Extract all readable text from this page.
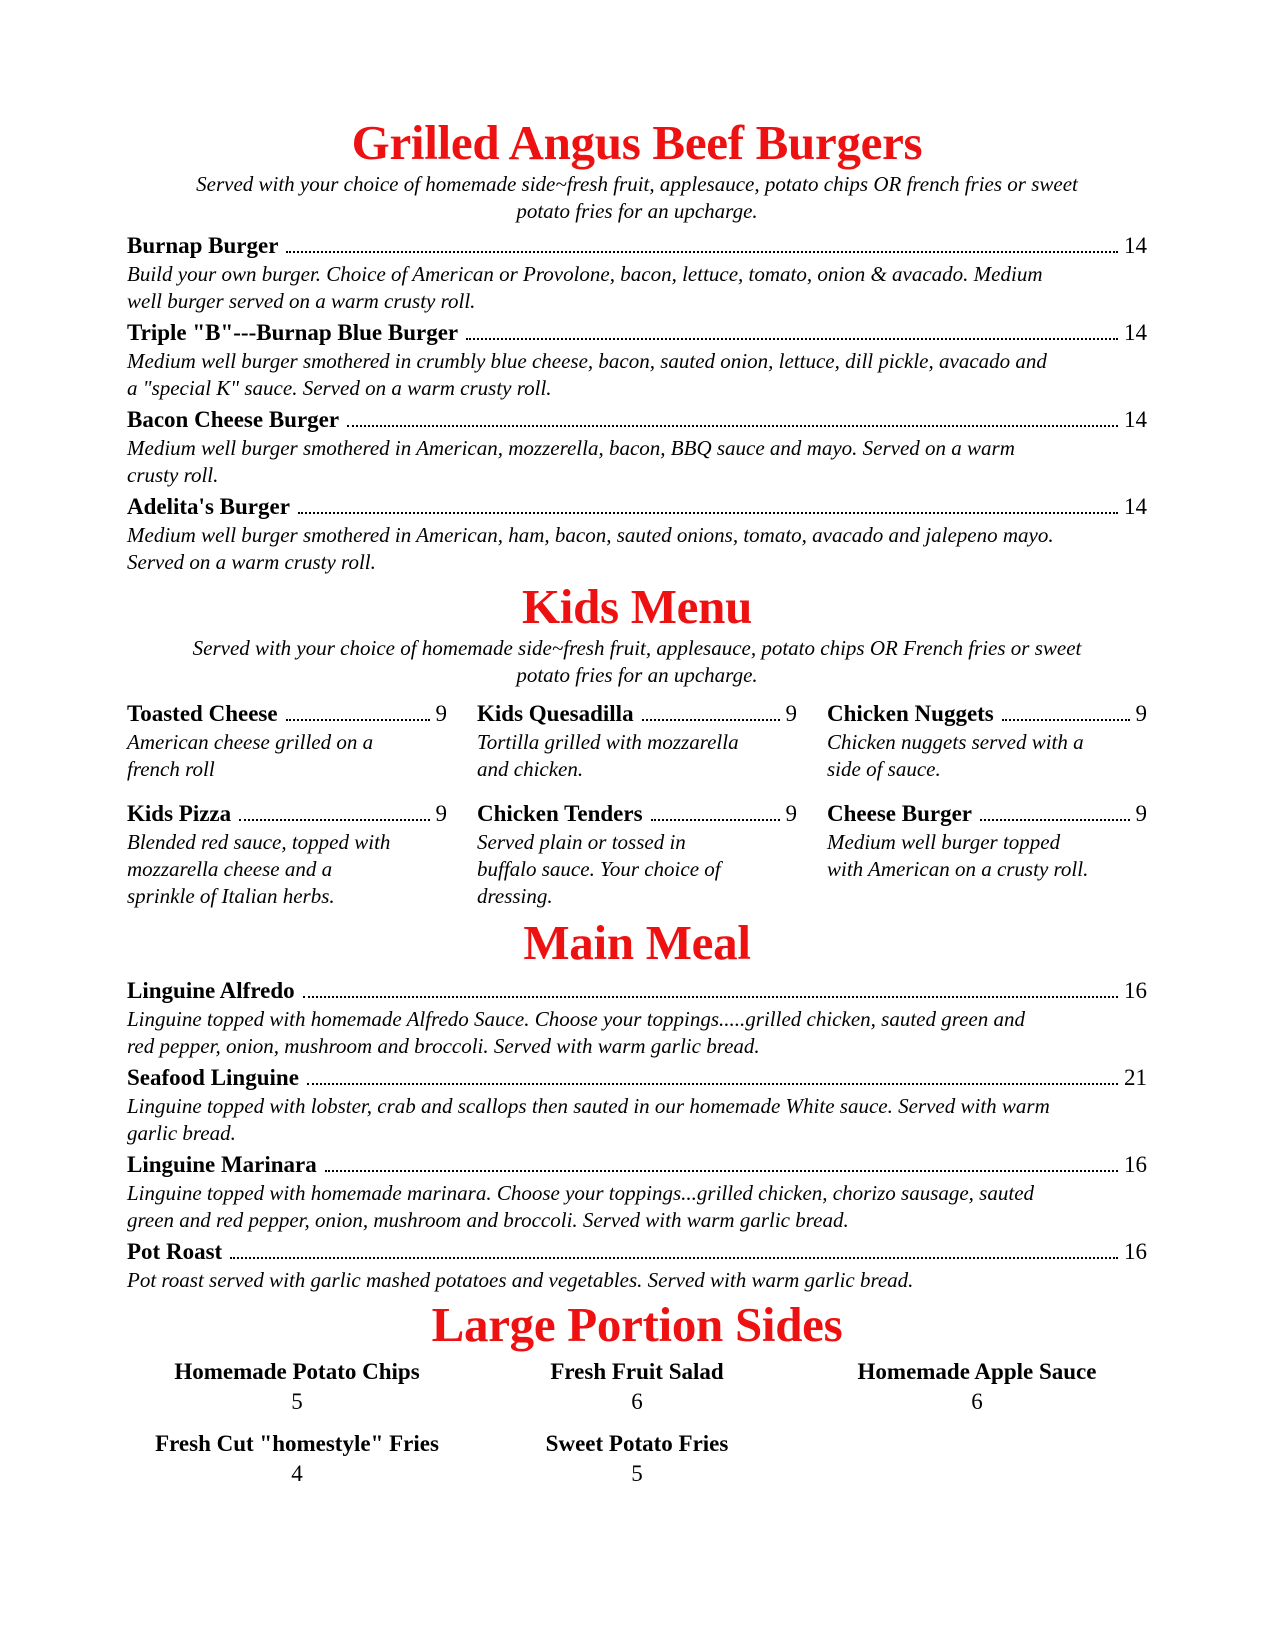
Grilled Angus Beef Burgers
Served with your choice of homemade side~fresh fruit, applesauce, potato chips OR french fries or sweet potato fries for an upcharge.
Burnap Burger	14
Build your own burger. Choice of American or Provolone, bacon, lettuce, tomato, onion & avacado. Medium well burger served on a warm crusty roll.
Triple "B"---Burnap Blue Burger	14
Medium well burger smothered in crumbly blue cheese, bacon, sauted onion, lettuce, dill pickle, avacado and a "special K" sauce. Served on a warm crusty roll.
Bacon Cheese Burger	14
Medium well burger smothered in American, mozzerella, bacon, BBQ sauce and mayo. Served on a warm crusty roll.
Adelita's Burger	14
Medium well burger smothered in American, ham, bacon, sauted onions, tomato, avacado and jalepeno mayo. Served on a warm crusty roll.
Kids Menu
Served with your choice of homemade side~fresh fruit, applesauce, potato chips OR French fries or sweet potato fries for an upcharge.
Toasted Cheese	9
American cheese grilled on a french roll
Kids Quesadilla	9
Tortilla grilled with mozzarella and chicken.
Chicken Nuggets	9
Chicken nuggets served with a side of sauce.
Kids Pizza	9
Blended red sauce, topped with mozzarella cheese and a sprinkle of Italian herbs.
Chicken Tenders	9
Served plain or tossed in buffalo sauce. Your choice of dressing.
Cheese Burger	9
Medium well burger topped with American on a crusty roll.
Main Meal
Linguine Alfredo	16
Linguine topped with homemade Alfredo Sauce. Choose your toppings.....grilled chicken, sauted green and red pepper, onion, mushroom and broccoli. Served with warm garlic bread.
Seafood Linguine	21
Linguine topped with lobster, crab and scallops then sauted in our homemade White sauce. Served with warm garlic bread.
Linguine Marinara	16
Linguine topped with homemade marinara. Choose your toppings...grilled chicken, chorizo sausage, sauted green and red pepper, onion, mushroom and broccoli. Served with warm garlic bread.
Pot Roast	16
Pot roast served with garlic mashed potatoes and vegetables. Served with warm garlic bread.
Large Portion Sides
Homemade Potato Chips
5
Fresh Fruit Salad
6
Homemade Apple Sauce
6
Fresh Cut "homestyle" Fries
4
Sweet Potato Fries
5
